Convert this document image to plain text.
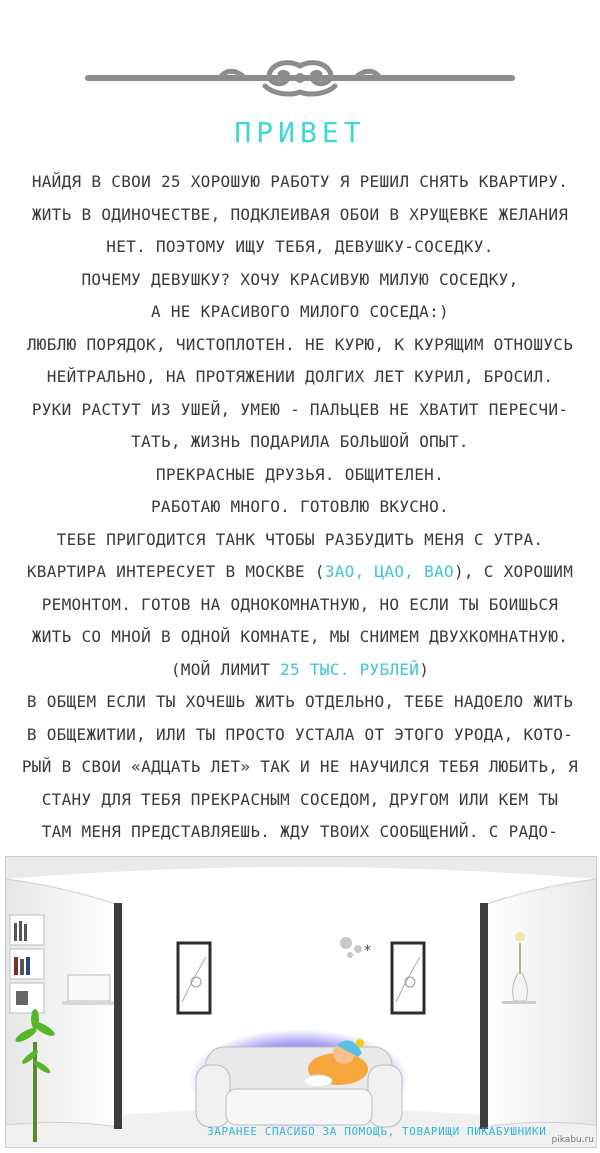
ПРИВЕТ
НАЙДЯ В СВОИ 25 ХОРОШУЮ РАБОТУ Я РЕШИЛ СНЯТЬ КВАРТИРУ.
ЖИТЬ В ОДИНОЧЕСТВЕ, ПОДКЛЕИВАЯ ОБОИ В ХРУЩЕВКЕ ЖЕЛАНИЯ
НЕТ. ПОЭТОМУ ИЩУ ТЕБЯ, ДЕВУШКУ-СОСЕДКУ.
ПОЧЕМУ ДЕВУШКУ? ХОЧУ КРАСИВУЮ МИЛУЮ СОСЕДКУ,
А НЕ КРАСИВОГО МИЛОГО СОСЕДА:)
ЛЮБЛЮ ПОРЯДОК, ЧИСТОПЛОТЕН. НЕ КУРЮ, К КУРЯЩИМ ОТНОШУСЬ
НЕЙТРАЛЬНО, НА ПРОТЯЖЕНИИ ДОЛГИХ ЛЕТ КУРИЛ, БРОСИЛ.
РУКИ РАСТУТ ИЗ УШЕЙ, УМЕЮ - ПАЛЬЦЕВ НЕ ХВАТИТ ПЕРЕСЧИ-
ТАТЬ, ЖИЗНЬ ПОДАРИЛА БОЛЬШОЙ ОПЫТ.
ПРЕКРАСНЫЕ ДРУЗЬЯ. ОБЩИТЕЛЕН.
РАБОТАЮ МНОГО. ГОТОВЛЮ ВКУСНО.
ТЕБЕ ПРИГОДИТСЯ ТАНК ЧТОБЫ РАЗБУДИТЬ МЕНЯ С УТРА.
КВАРТИРА ИНТЕРЕСУЕТ В МОСКВЕ (ЗАО, ЦАО, ВАО), С ХОРОШИМ
РЕМОНТОМ. ГОТОВ НА ОДНОКОМНАТНУЮ, НО ЕСЛИ ТЫ БОИШЬСЯ
ЖИТЬ СО МНОЙ В ОДНОЙ КОМНАТЕ, МЫ СНИМЕМ ДВУХКОМНАТНУЮ.
(МОЙ ЛИМИТ 25 ТЫС. РУБЛЕЙ)
В ОБЩЕМ ЕСЛИ ТЫ ХОЧЕШЬ ЖИТЬ ОТДЕЛЬНО, ТЕБЕ НАДОЕЛО ЖИТЬ
В ОБЩЕЖИТИИ, ИЛИ ТЫ ПРОСТО УСТАЛА ОТ ЭТОГО УРОДА, КОТО-
РЫЙ В СВОИ «АДЦАТЬ ЛЕТ» ТАК И НЕ НАУЧИЛСЯ ТЕБЯ ЛЮБИТЬ, Я
СТАНУ ДЛЯ ТЕБЯ ПРЕКРАСНЫМ СОСЕДОМ, ДРУГОМ ИЛИ КЕМ ТЫ
ТАМ МЕНЯ ПРЕДСТАВЛЯЕШЬ. ЖДУ ТВОИХ СООБЩЕНИЙ. С РАДО-
*
ЗАРАНЕЕ СПАСИБО ЗА ПОМОЩЬ, ТОВАРИЩИ ПИКАБУШНИКИ
pikabu.ru
